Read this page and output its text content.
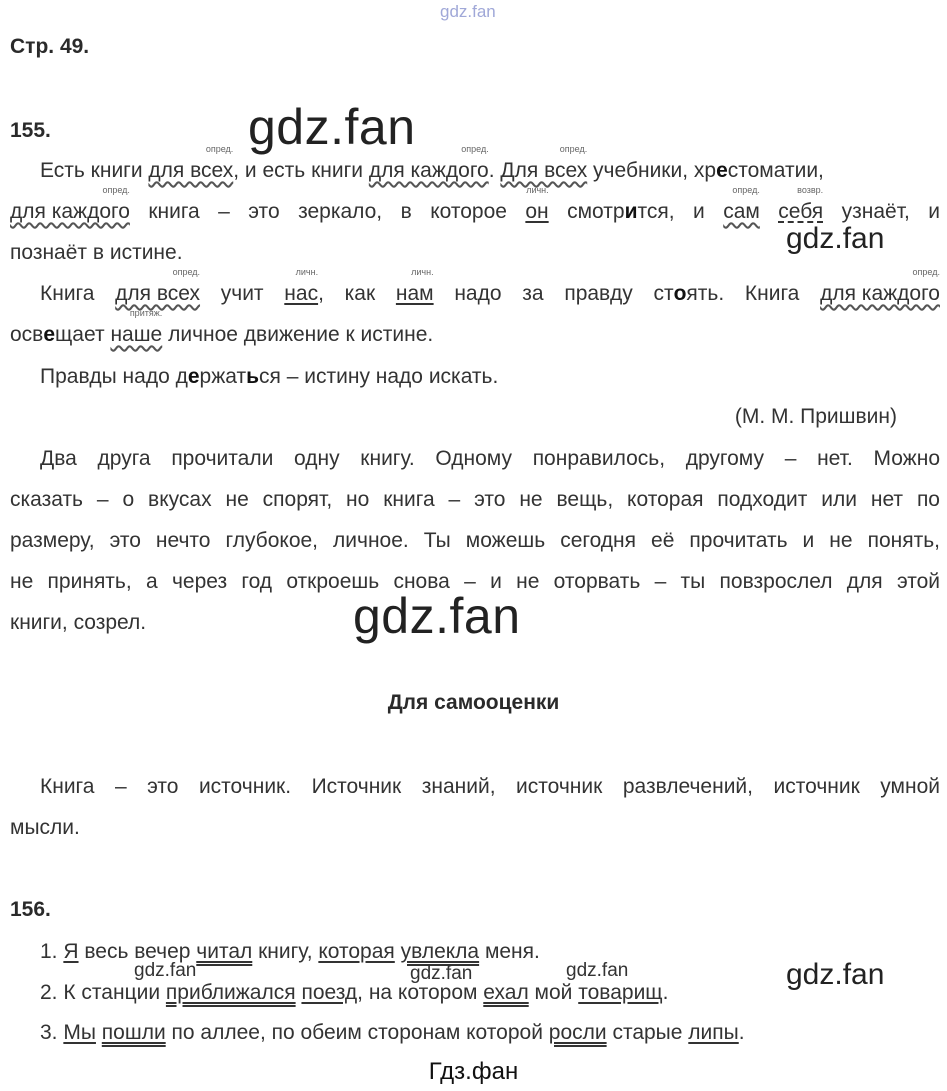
gdz.fan
Стр. 49.
155.	gdz.fan
Есть книги
опред.
для всех, и есть книги
опред.
для каждого.
опред.
Для всех учебники, хрестоматии,
опред.
для каждого книга – это зеркало, в которое
личн.
он смотрится, и
опред.
сам
возвр.
себя узнаёт, и
познаёт в истине.	gdz.fan
Книга
опред.
для всех учит
личн.
нас, как
личн.
нам надо за правду стоять. Книга
опред.
для каждого
освещает
притяж.
наше личное движение к истине.
Правды надо держаться – истину надо искать.
(М. М. Пришвин)
Два друга прочитали одну книгу. Одному понравилось, другому – нет. Можно
сказать – о вкусах не спорят, но книга – это не вещь, которая подходит или нет по
размеру, это нечто глубокое, личное. Ты можешь сегодня её прочитать и не понять,
не принять, а через год откроешь снова – и не оторвать – ты повзрослел для этой
книги, созрел.	gdz.fan
Для самооценки
Книга – это источник. Источник знаний, источник развлечений, источник умной
мысли.
156.
1. Я весь вечер читал книгу, которая увлекла меня.
gdz.fan	gdz.fan	gdz.fan	gdz.fan
2. К станции приближался поезд, на котором ехал мой товарищ.
3. Мы пошли по аллее, по обеим сторонам которой росли старые липы.
Гдз.фан
